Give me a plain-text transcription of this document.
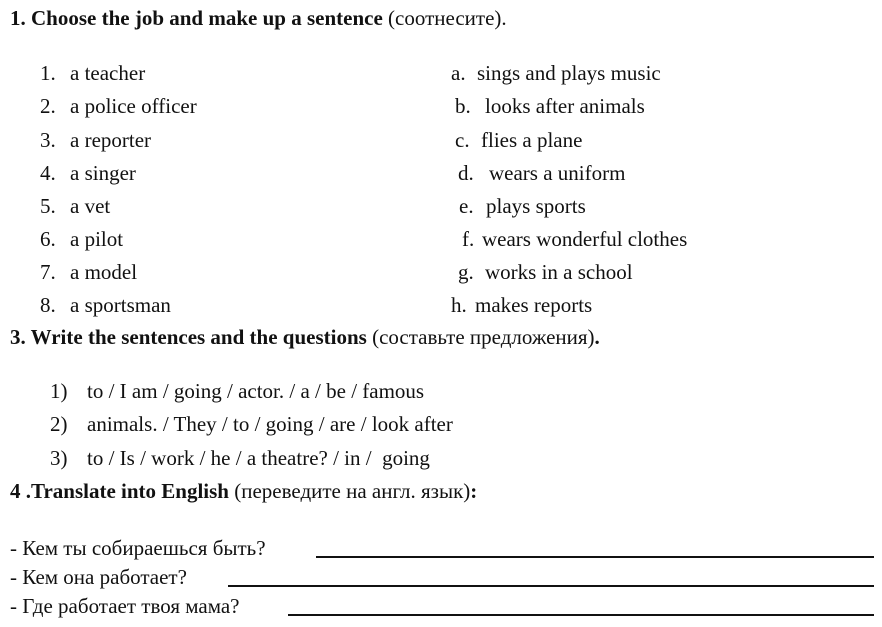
1. Choose the job and make up a sentence (соотнесите).
1. a teacher
2. a police officer
3. a reporter
4. a singer
5. a vet
6. a pilot
7. a model
8. a sportsman
a. sings and plays music
b. looks after animals
c. flies a plane
d. wears a uniform
e. plays sports
f. wears wonderful clothes
g. works in a school
h. makes reports
3. Write the sentences and the questions (составьте предложения).
1) to / I am / going / actor. / a / be / famous
2) animals. / They / to / going / are / look after
3) to / Is / work / he / a theatre? / in /  going
4 .Translate into English (переведите на англ. язык):
- Кем ты собираешься быть?
- Кем она работает?
- Где работает твоя мама?
